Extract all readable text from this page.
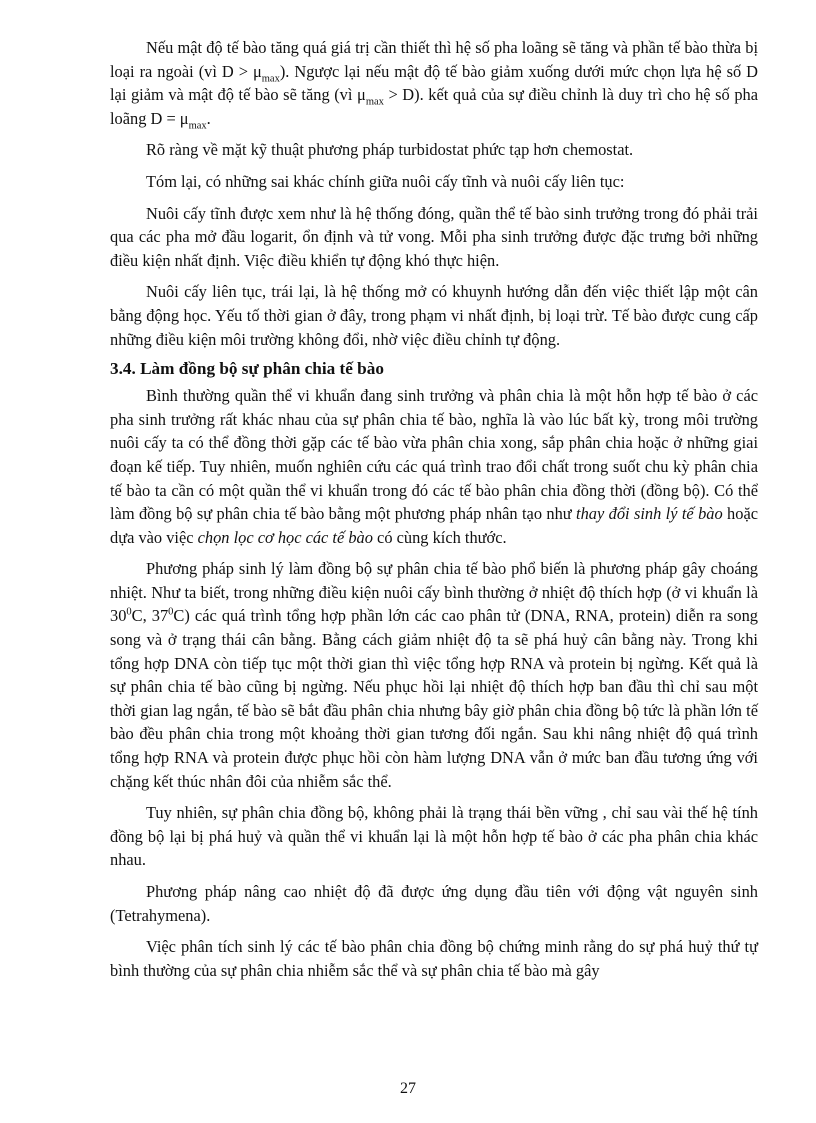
Nếu mật độ tế bào tăng quá giá trị cần thiết thì hệ số pha loãng sẽ tăng và phần tế bào thừa bị loại ra ngoài (vì $D > \mu_{max}$). Ngược lại nếu mật độ tế bào giảm xuống dưới mức chọn lựa hệ số D lại giảm và mật độ tế bào sẽ tăng (vì $\mu_{max} > D$). kết quả của sự điều chỉnh là duy trì cho hệ số pha loãng $D = \mu_{max}$.

Rõ ràng về mặt kỹ thuật phương pháp turbidostat phức tạp hơn chemostat.

Tóm lại, có những sai khác chính giữa nuôi cấy tĩnh và nuôi cấy liên tục:

Nuôi cấy tĩnh được xem như là hệ thống đóng, quần thể tế bào sinh trưởng trong đó phải trải qua các pha mở đầu logarit, ổn định và tử vong. Mỗi pha sinh trưởng được đặc trưng bởi những điều kiện nhất định. Việc điều khiển tự động khó thực hiện.

Nuôi cấy liên tục, trái lại, là hệ thống mở có khuynh hướng dẫn đến việc thiết lập một cân bằng động học. Yếu tố thời gian ở đây, trong phạm vi nhất định, bị loại trừ. Tế bào được cung cấp những điều kiện môi trường không đổi, nhờ việc điều chỉnh tự động.

3.4. Làm đồng bộ sự phân chia tế bào

Bình thường quần thể vi khuẩn đang sinh trưởng và phân chia là một hỗn hợp tế bào ở các pha sinh trưởng rất khác nhau của sự phân chia tế bào, nghĩa là vào lúc bất kỳ, trong môi trường nuôi cấy ta có thể đồng thời gặp các tế bào vừa phân chia xong, sắp phân chia hoặc ở những giai đoạn kế tiếp. Tuy nhiên, muốn nghiên cứu các quá trình trao đổi chất trong suốt chu kỳ phân chia tế bào ta cần có một quần thể vi khuẩn trong đó các tế bào phân chia đồng thời (đồng bộ). Có thể làm đồng bộ sự phân chia tế bào bằng một phương pháp nhân tạo như thay đổi sinh lý tế bào hoặc dựa vào việc chọn lọc cơ học các tế bào có cùng kích thước.

Phương pháp sinh lý làm đồng bộ sự phân chia tế bào phổ biến là phương pháp gây choáng nhiệt. Như ta biết, trong những điều kiện nuôi cấy bình thường ở nhiệt độ thích hợp (ở vi khuẩn là $30^0C$, $37^0C$) các quá trình tổng hợp phần lớn các cao phân tử (DNA, RNA, protein) diễn ra song song và ở trạng thái cân bằng. Bằng cách giảm nhiệt độ ta sẽ phá huỷ cân bằng này. Trong khi tổng hợp DNA còn tiếp tục một thời gian thì việc tổng hợp RNA và protein bị ngừng. Kết quả là sự phân chia tế bào cũng bị ngừng. Nếu phục hồi lại nhiệt độ thích hợp ban đầu thì chỉ sau một thời gian lag ngắn, tế bào sẽ bắt đầu phân chia nhưng bây giờ phân chia đồng bộ tức là phần lớn tế bào đều phân chia trong một khoảng thời gian tương đối ngắn. Sau khi nâng nhiệt độ quá trình tổng hợp RNA và protein được phục hồi còn hàm lượng DNA vẫn ở mức ban đầu tương ứng với chặng kết thúc nhân đôi của nhiễm sắc thể.

Tuy nhiên, sự phân chia đồng bộ, không phải là trạng thái bền vững , chỉ sau vài thế hệ tính đồng bộ lại bị phá huỷ và quần thể vi khuẩn lại là một hỗn hợp tế bào ở các pha phân chia khác nhau.

Phương pháp nâng cao nhiệt độ đã được ứng dụng đầu tiên với động vật nguyên sinh (Tetrahymena).

Việc phân tích sinh lý các tế bào phân chia đồng bộ chứng minh rằng do sự phá huỷ thứ tự bình thường của sự phân chia nhiễm sắc thể và sự phân chia tế bào mà gây

27
